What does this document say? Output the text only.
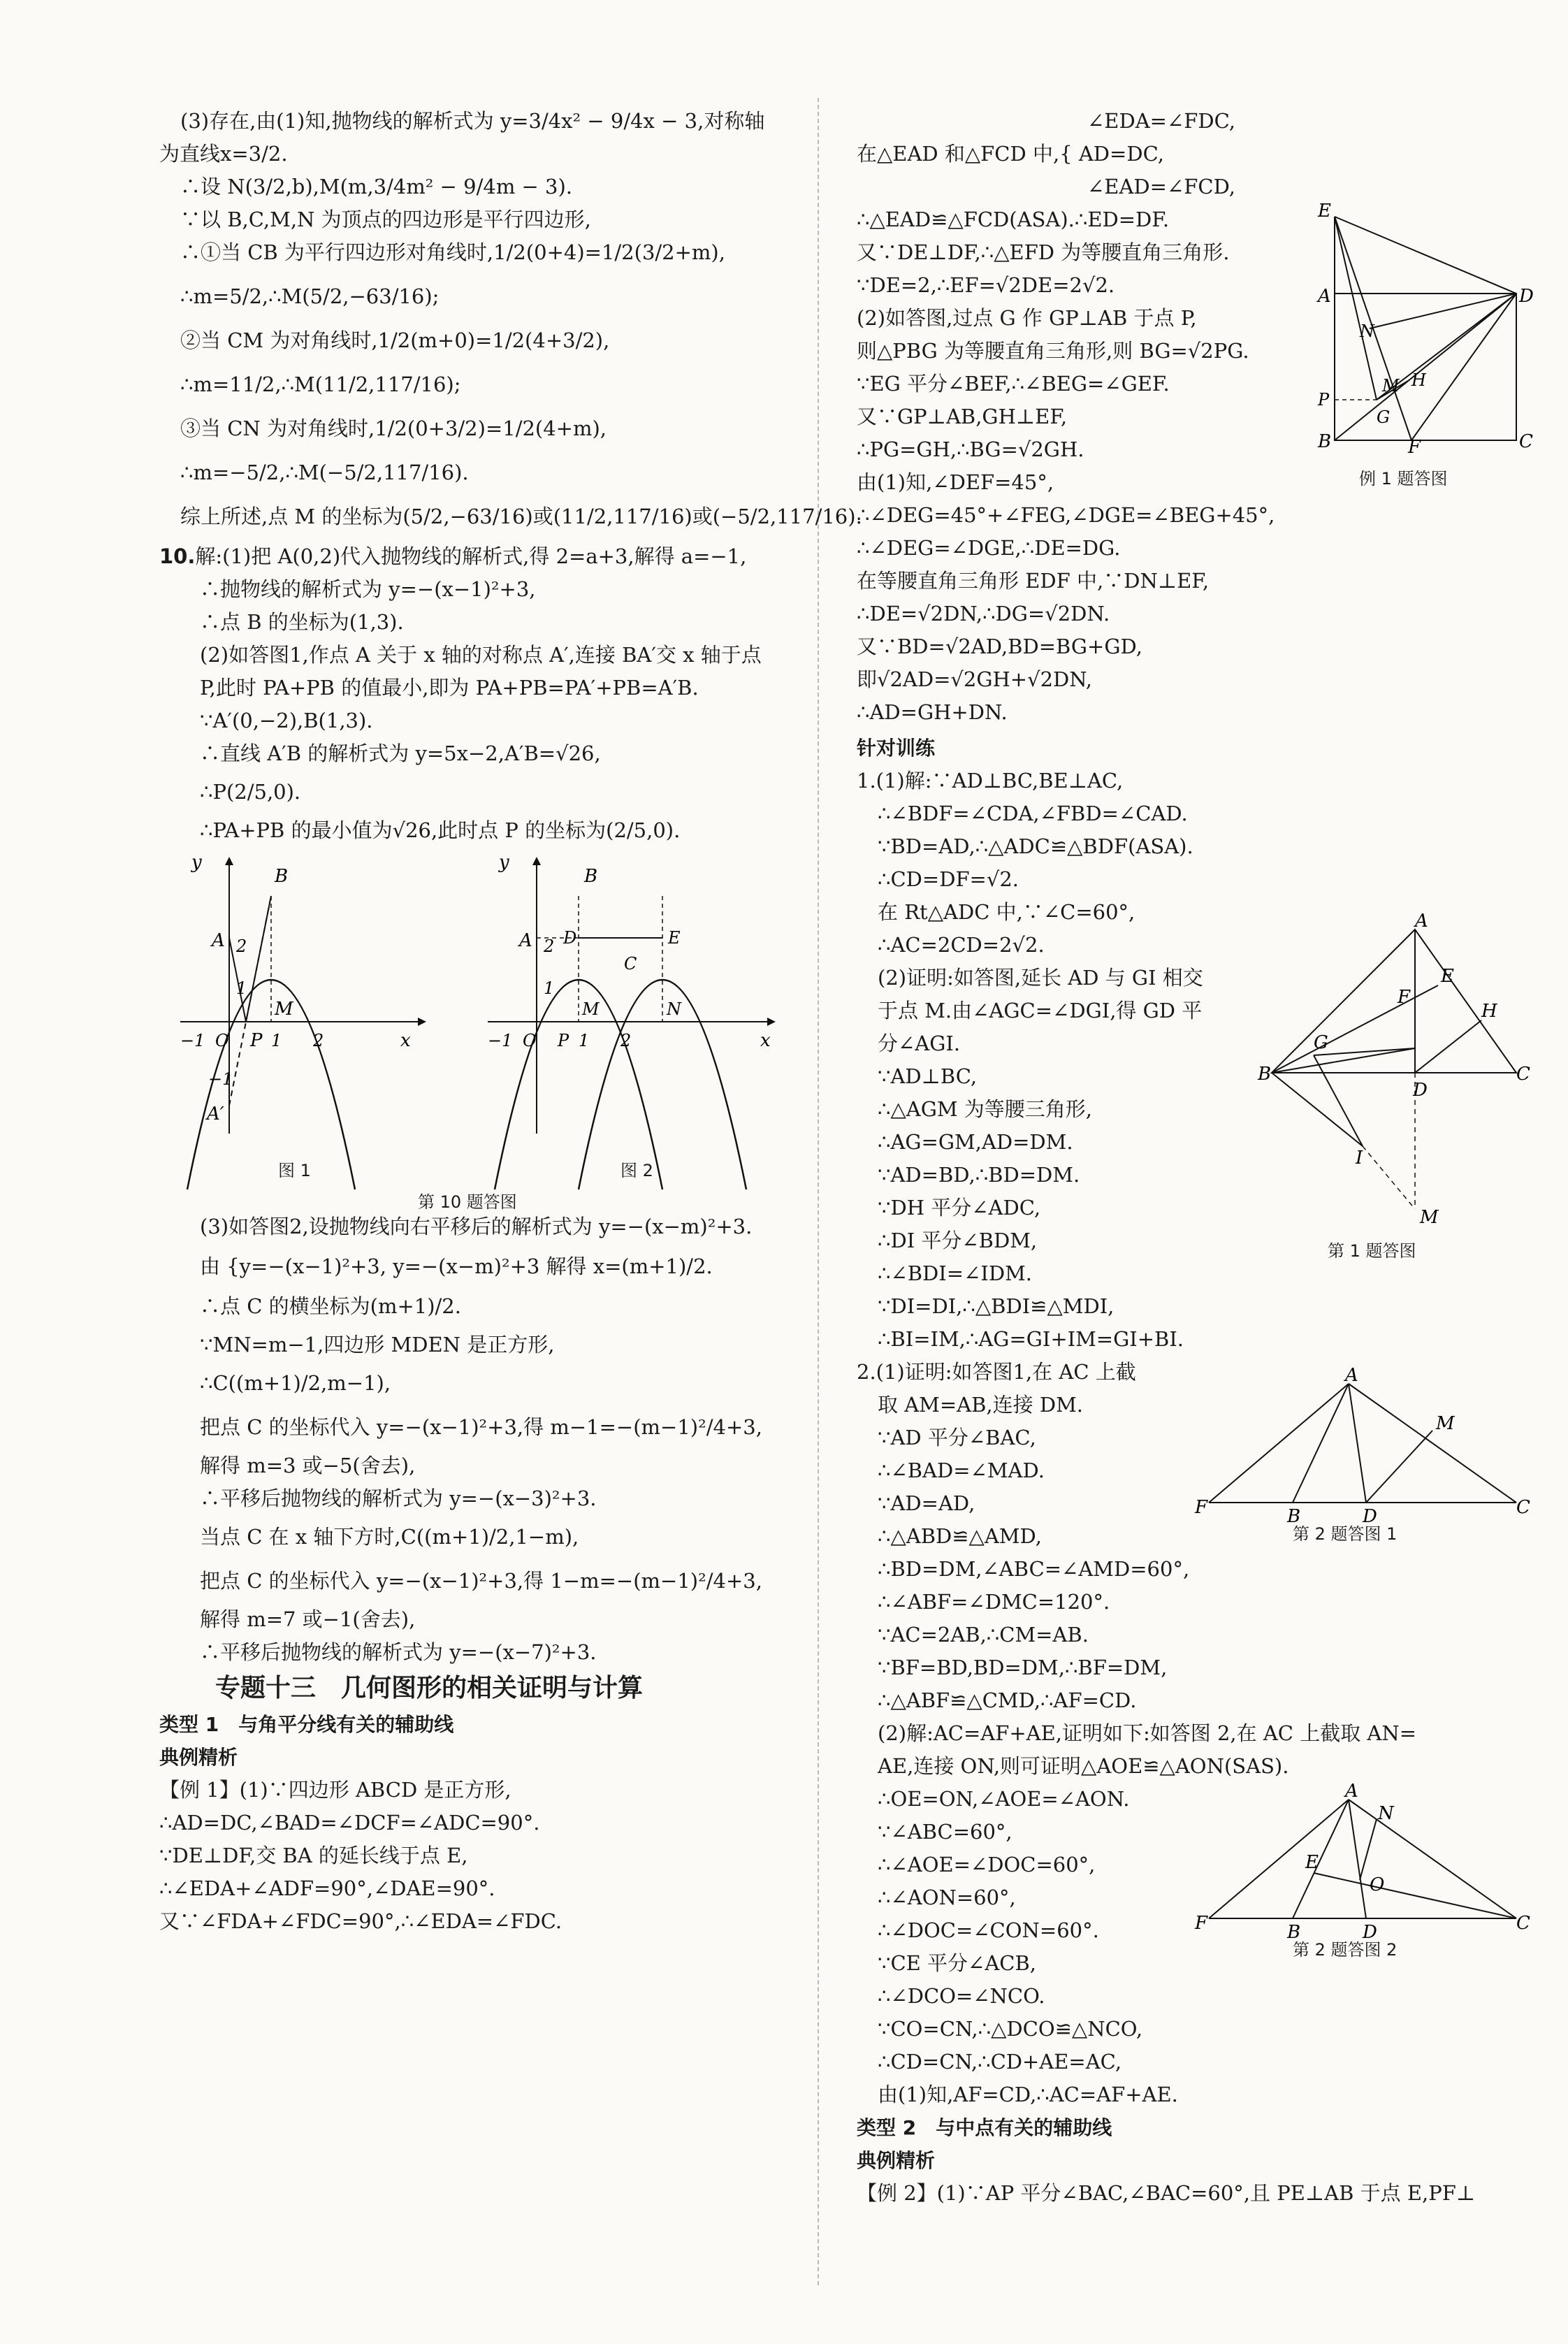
(3)存在,由(1)知,抛物线的解析式为 y=3/4x² − 9/4x − 3,对称轴
为直线x=3/2.
∴设 N(3/2,b),M(m,3/4m² − 9/4m − 3).
∵以 B,C,M,N 为顶点的四边形是平行四边形,
∴①当 CB 为平行四边形对角线时,1/2(0+4)=1/2(3/2+m),
∴m=5/2,∴M(5/2,−63/16);
②当 CM 为对角线时,1/2(m+0)=1/2(4+3/2),
∴m=11/2,∴M(11/2,117/16);
③当 CN 为对角线时,1/2(0+3/2)=1/2(4+m),
∴m=−5/2,∴M(−5/2,117/16).
综上所述,点 M 的坐标为(5/2,−63/16)或(11/2,117/16)或(−5/2,117/16).
10.解:(1)把 A(0,2)代入抛物线的解析式,得 2=a+3,解得 a=−1,
∴抛物线的解析式为 y=−(x−1)²+3,
∴点 B 的坐标为(1,3).
(2)如答图1,作点 A 关于 x 轴的对称点 A′,连接 BA′交 x 轴于点
P,此时 PA+PB 的值最小,即为 PA+PB=PA′+PB=A′B.
∵A′(0,−2),B(1,3).
∴直线 A′B 的解析式为 y=5x−2,A′B=√26,
∴P(2/5,0).
∴PA+PB 的最小值为√26,此时点 P 的坐标为(2/5,0).
y
B
A 2
1
M
P
O
−1	1 2	x
−1
A′
y
B
A D	E
C
2
1
M	N
P
O
−1	1 2	x
图 1	图 2
第 10 题答图
(3)如答图2,设抛物线向右平移后的解析式为 y=−(x−m)²+3.
由 {y=−(x−1)²+3, y=−(x−m)²+3 解得 x=(m+1)/2.
∴点 C 的横坐标为(m+1)/2.
∵MN=m−1,四边形 MDEN 是正方形,
∴C((m+1)/2,m−1),
把点 C 的坐标代入 y=−(x−1)²+3,得 m−1=−(m−1)²/4+3,
解得 m=3 或−5(舍去),
∴平移后抛物线的解析式为 y=−(x−3)²+3.
当点 C 在 x 轴下方时,C((m+1)/2,1−m),
把点 C 的坐标代入 y=−(x−1)²+3,得 1−m=−(m−1)²/4+3,
解得 m=7 或−1(舍去),
∴平移后抛物线的解析式为 y=−(x−7)²+3.
专题十三　几何图形的相关证明与计算
类型 1　与角平分线有关的辅助线
典例精析
【例 1】(1)∵四边形 ABCD 是正方形,
∴AD=DC,∠BAD=∠DCF=∠ADC=90°.
∵DE⊥DF,交 BA 的延长线于点 E,
∴∠EDA+∠ADF=90°,∠DAE=90°.
又∵∠FDA+∠FDC=90°,∴∠EDA=∠FDC.
∠EDA=∠FDC,
在△EAD 和△FCD 中,{ AD=DC,
∠EAD=∠FCD,
∴△EAD≌△FCD(ASA).∴ED=DF.
又∵DE⊥DF,∴△EFD 为等腰直角三角形.
∵DE=2,∴EF=√2DE=2√2.
(2)如答图,过点 G 作 GP⊥AB 于点 P,
则△PBG 为等腰直角三角形,则 BG=√2PG.
∵EG 平分∠BEF,∴∠BEG=∠GEF.
又∵GP⊥AB,GH⊥EF,
∴PG=GH,∴BG=√2GH.
由(1)知,∠DEF=45°,
∴∠DEG=45°+∠FEG,∠DGE=∠BEG+45°,
∴∠DEG=∠DGE,∴DE=DG.
在等腰直角三角形 EDF 中,∵DN⊥EF,
∴DE=√2DN,∴DG=√2DN.
又∵BD=√2AD,BD=BG+GD,
即√2AD=√2GH+√2DN,
∴AD=GH+DN.
针对训练
1.(1)解:∵AD⊥BC,BE⊥AC,
∴∠BDF=∠CDA,∠FBD=∠CAD.
∵BD=AD,∴△ADC≌△BDF(ASA).
∴CD=DF=√2.
在 Rt△ADC 中,∵∠C=60°,
∴AC=2CD=2√2.
(2)证明:如答图,延长 AD 与 GI 相交
于点 M.由∠AGC=∠DGI,得 GD 平
分∠AGI.
∵AD⊥BC,
∴△AGM 为等腰三角形,
∴AG=GM,AD=DM.
∵AD=BD,∴BD=DM.
∵DH 平分∠ADC,
∴DI 平分∠BDM,
∴∠BDI=∠IDM.
∵DI=DI,∴△BDI≌△MDI,
∴BI=IM,∴AG=GI+IM=GI+BI.
2.(1)证明:如答图1,在 AC 上截
取 AM=AB,连接 DM.
∵AD 平分∠BAC,
∴∠BAD=∠MAD.
∵AD=AD,
∴△ABD≌△AMD,
∴BD=DM,∠ABC=∠AMD=60°,
∴∠ABF=∠DMC=120°.
∵AC=2AB,∴CM=AB.
∵BF=BD,BD=DM,∴BF=DM,
∴△ABF≌△CMD,∴AF=CD.
(2)解:AC=AF+AE,证明如下:如答图 2,在 AC 上截取 AN=
AE,连接 ON,则可证明△AOE≌△AON(SAS).
∴OE=ON,∠AOE=∠AON.
∵∠ABC=60°,
∴∠AOE=∠DOC=60°,
∴∠AON=60°,
∴∠DOC=∠CON=60°.
∵CE 平分∠ACB,
∴∠DCO=∠NCO.
∵CO=CN,∴△DCO≌△NCO,
∴CD=CN,∴CD+AE=AC,
由(1)知,AF=CD,∴AC=AF+AE.
类型 2　与中点有关的辅助线
典例精析
【例 2】(1)∵AP 平分∠BAC,∠BAC=60°,且 PE⊥AB 于点 E,PF⊥
E
A	D
B	C
F
N
M H
G
P
例 1 题答图
A
B	C
D
E
F
G
H
I
M
第 1 题答图
A
F	B	D	C
M
第 2 题答图 1
A
F	B	D	C
E
N
O
第 2 题答图 2
